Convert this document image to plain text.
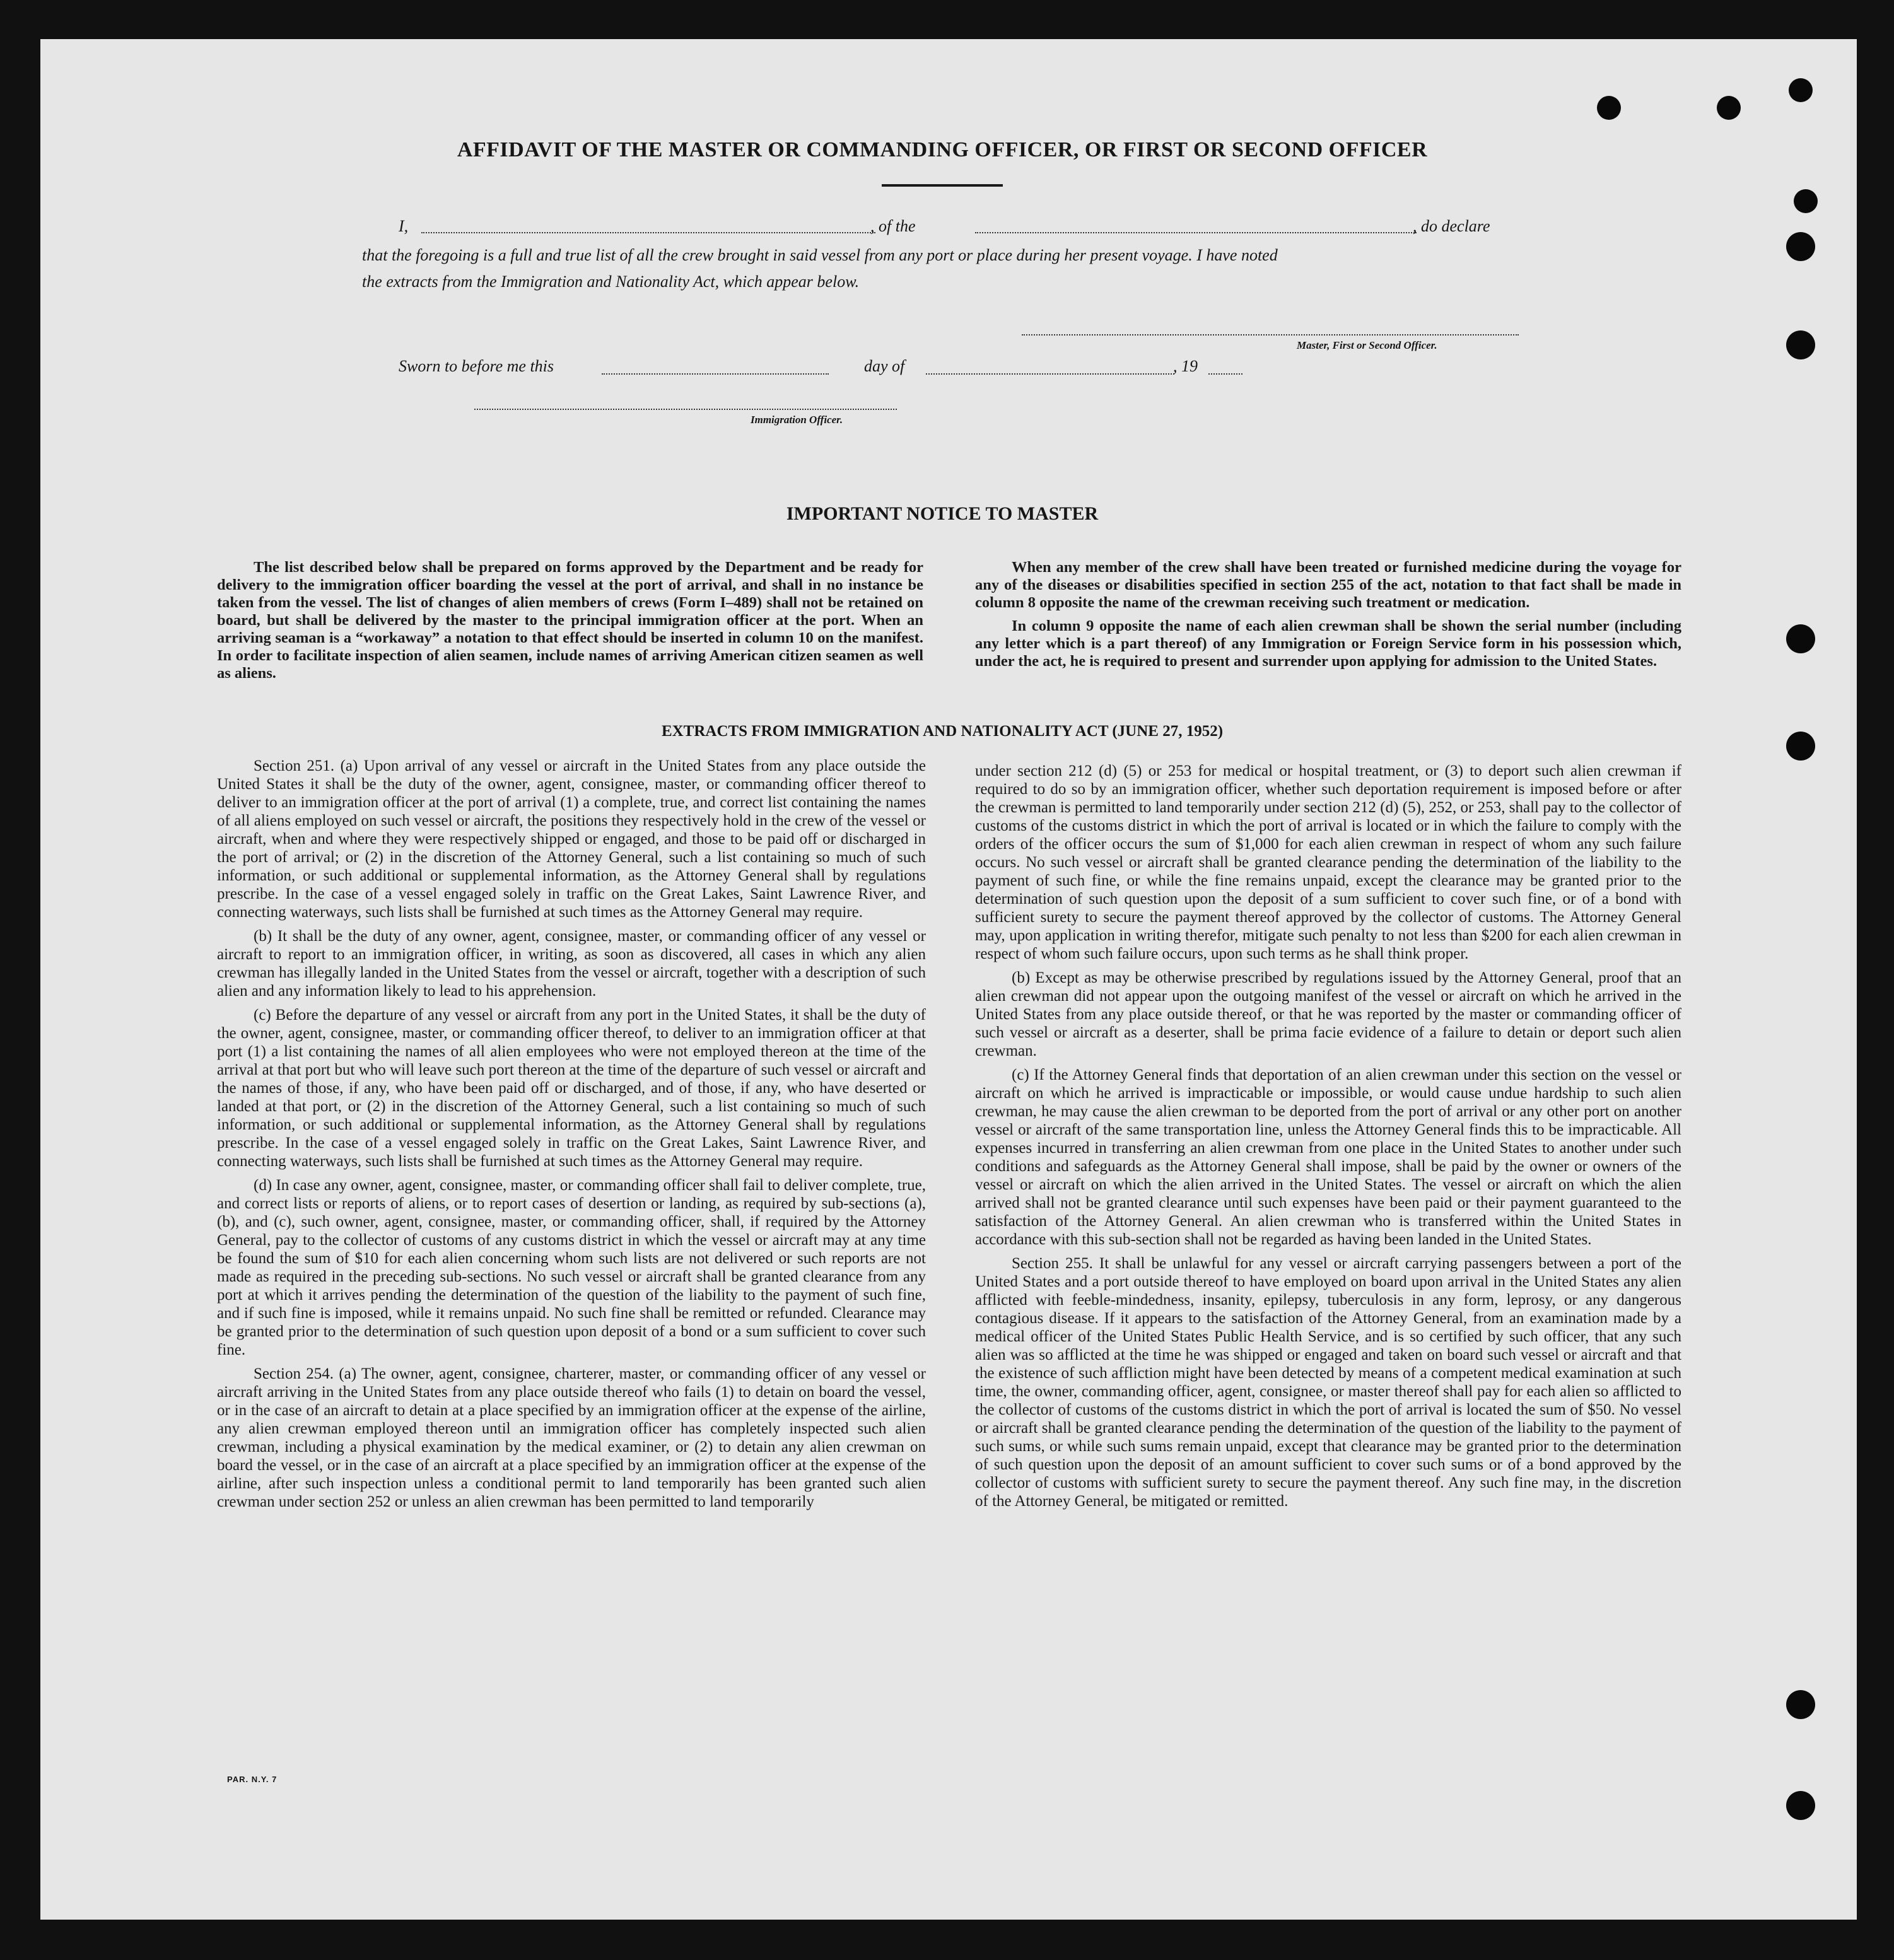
AFFIDAVIT OF THE MASTER OR COMMANDING OFFICER, OR FIRST OR SECOND OFFICER
I,	, of the	, do declare
that the foregoing is a full and true list of all the crew brought in said vessel from any port or place during her present voyage. I have noted
the extracts from the Immigration and Nationality Act, which appear below.
Master, First or Second Officer.
Sworn to before me this	day of	, 19
Immigration Officer.
IMPORTANT NOTICE TO MASTER

The list described below shall be prepared on forms approved by the Department and be ready for delivery to the immigration officer boarding the vessel at the port of arrival, and shall in no instance be taken from the vessel. The list of changes of alien members of crews (Form I–489) shall not be retained on board, but shall be delivered by the master to the principal immigration officer at the port. When an arriving seaman is a “workaway” a notation to that effect should be inserted in column 10 on the manifest. In order to facilitate inspection of alien seamen, include names of arriving American citizen seamen as well as aliens.

When any member of the crew shall have been treated or furnished medicine during the voyage for any of the diseases or disabilities specified in section 255 of the act, notation to that fact shall be made in column 8 opposite the name of the crewman receiving such treatment or medication.

In column 9 opposite the name of each alien crewman shall be shown the serial number (including any letter which is a part thereof) of any Immigration or Foreign Service form in his possession which, under the act, he is required to present and surrender upon applying for admission to the United States.

EXTRACTS FROM IMMIGRATION AND NATIONALITY ACT (JUNE 27, 1952)

Section 251. (a) Upon arrival of any vessel or aircraft in the United States from any place outside the United States it shall be the duty of the owner, agent, consignee, master, or commanding officer thereof to deliver to an immigration officer at the port of arrival (1) a complete, true, and correct list containing the names of all aliens employed on such vessel or aircraft, the positions they respectively hold in the crew of the vessel or aircraft, when and where they were respectively shipped or engaged, and those to be paid off or discharged in the port of arrival; or (2) in the discretion of the Attorney General, such a list containing so much of such information, or such additional or supplemental information, as the Attorney General shall by regulations prescribe. In the case of a vessel engaged solely in traffic on the Great Lakes, Saint Lawrence River, and connecting waterways, such lists shall be furnished at such times as the Attorney General may require.

(b) It shall be the duty of any owner, agent, consignee, master, or commanding officer of any vessel or aircraft to report to an immigration officer, in writing, as soon as discovered, all cases in which any alien crewman has illegally landed in the United States from the vessel or aircraft, together with a description of such alien and any information likely to lead to his apprehension.

(c) Before the departure of any vessel or aircraft from any port in the United States, it shall be the duty of the owner, agent, consignee, master, or commanding officer thereof, to deliver to an immigration officer at that port (1) a list containing the names of all alien employees who were not employed thereon at the time of the arrival at that port but who will leave such port thereon at the time of the departure of such vessel or aircraft and the names of those, if any, who have been paid off or discharged, and of those, if any, who have deserted or landed at that port, or (2) in the discretion of the Attorney General, such a list containing so much of such information, or such additional or supplemental information, as the Attorney General shall by regulations prescribe. In the case of a vessel engaged solely in traffic on the Great Lakes, Saint Lawrence River, and connecting waterways, such lists shall be furnished at such times as the Attorney General may require.

(d) In case any owner, agent, consignee, master, or commanding officer shall fail to deliver complete, true, and correct lists or reports of aliens, or to report cases of desertion or landing, as required by sub-sections (a), (b), and (c), such owner, agent, consignee, master, or commanding officer, shall, if required by the Attorney General, pay to the collector of customs of any customs district in which the vessel or aircraft may at any time be found the sum of $10 for each alien concerning whom such lists are not delivered or such reports are not made as required in the preceding sub-sections. No such vessel or aircraft shall be granted clearance from any port at which it arrives pending the determination of the question of the liability to the payment of such fine, and if such fine is imposed, while it remains unpaid. No such fine shall be remitted or refunded. Clearance may be granted prior to the determination of such question upon deposit of a bond or a sum sufficient to cover such fine.

Section 254. (a) The owner, agent, consignee, charterer, master, or commanding officer of any vessel or aircraft arriving in the United States from any place outside thereof who fails (1) to detain on board the vessel, or in the case of an aircraft to detain at a place specified by an immigration officer at the expense of the airline, any alien crewman employed thereon until an immigration officer has completely inspected such alien crewman, including a physical examination by the medical examiner, or (2) to detain any alien crewman on board the vessel, or in the case of an aircraft at a place specified by an immigration officer at the expense of the airline, after such inspection unless a conditional permit to land temporarily has been granted such alien crewman under section 252 or unless an alien crewman has been permitted to land temporarily

under section 212 (d) (5) or 253 for medical or hospital treatment, or (3) to deport such alien crewman if required to do so by an immigration officer, whether such deportation requirement is imposed before or after the crewman is permitted to land temporarily under section 212 (d) (5), 252, or 253, shall pay to the collector of customs of the customs district in which the port of arrival is located or in which the failure to comply with the orders of the officer occurs the sum of $1,000 for each alien crewman in respect of whom any such failure occurs. No such vessel or aircraft shall be granted clearance pending the determination of the liability to the payment of such fine, or while the fine remains unpaid, except the clearance may be granted prior to the determination of such question upon the deposit of a sum sufficient to cover such fine, or of a bond with sufficient surety to secure the payment thereof approved by the collector of customs. The Attorney General may, upon application in writing therefor, mitigate such penalty to not less than $200 for each alien crewman in respect of whom such failure occurs, upon such terms as he shall think proper.

(b) Except as may be otherwise prescribed by regulations issued by the Attorney General, proof that an alien crewman did not appear upon the outgoing manifest of the vessel or aircraft on which he arrived in the United States from any place outside thereof, or that he was reported by the master or commanding officer of such vessel or aircraft as a deserter, shall be prima facie evidence of a failure to detain or deport such alien crewman.

(c) If the Attorney General finds that deportation of an alien crewman under this section on the vessel or aircraft on which he arrived is impracticable or impossible, or would cause undue hardship to such alien crewman, he may cause the alien crewman to be deported from the port of arrival or any other port on another vessel or aircraft of the same transportation line, unless the Attorney General finds this to be impracticable. All expenses incurred in transferring an alien crewman from one place in the United States to another under such conditions and safeguards as the Attorney General shall impose, shall be paid by the owner or owners of the vessel or aircraft on which the alien arrived in the United States. The vessel or aircraft on which the alien arrived shall not be granted clearance until such expenses have been paid or their payment guaranteed to the satisfaction of the Attorney General. An alien crewman who is transferred within the United States in accordance with this sub-section shall not be regarded as having been landed in the United States.

Section 255. It shall be unlawful for any vessel or aircraft carrying passengers between a port of the United States and a port outside thereof to have employed on board upon arrival in the United States any alien afflicted with feeble-mindedness, insanity, epilepsy, tuberculosis in any form, leprosy, or any dangerous contagious disease. If it appears to the satisfaction of the Attorney General, from an examination made by a medical officer of the United States Public Health Service, and is so certified by such officer, that any such alien was so afflicted at the time he was shipped or engaged and taken on board such vessel or aircraft and that the existence of such affliction might have been detected by means of a competent medical examination at such time, the owner, commanding officer, agent, consignee, or master thereof shall pay for each alien so afflicted to the collector of customs of the customs district in which the port of arrival is located the sum of $50. No vessel or aircraft shall be granted clearance pending the determination of the question of the liability to the payment of such sums, or while such sums remain unpaid, except that clearance may be granted prior to the determination of such question upon the deposit of an amount sufficient to cover such sums or of a bond approved by the collector of customs with sufficient surety to secure the payment thereof. Any such fine may, in the discretion of the Attorney General, be mitigated or remitted.

PAR. N.Y. 7
